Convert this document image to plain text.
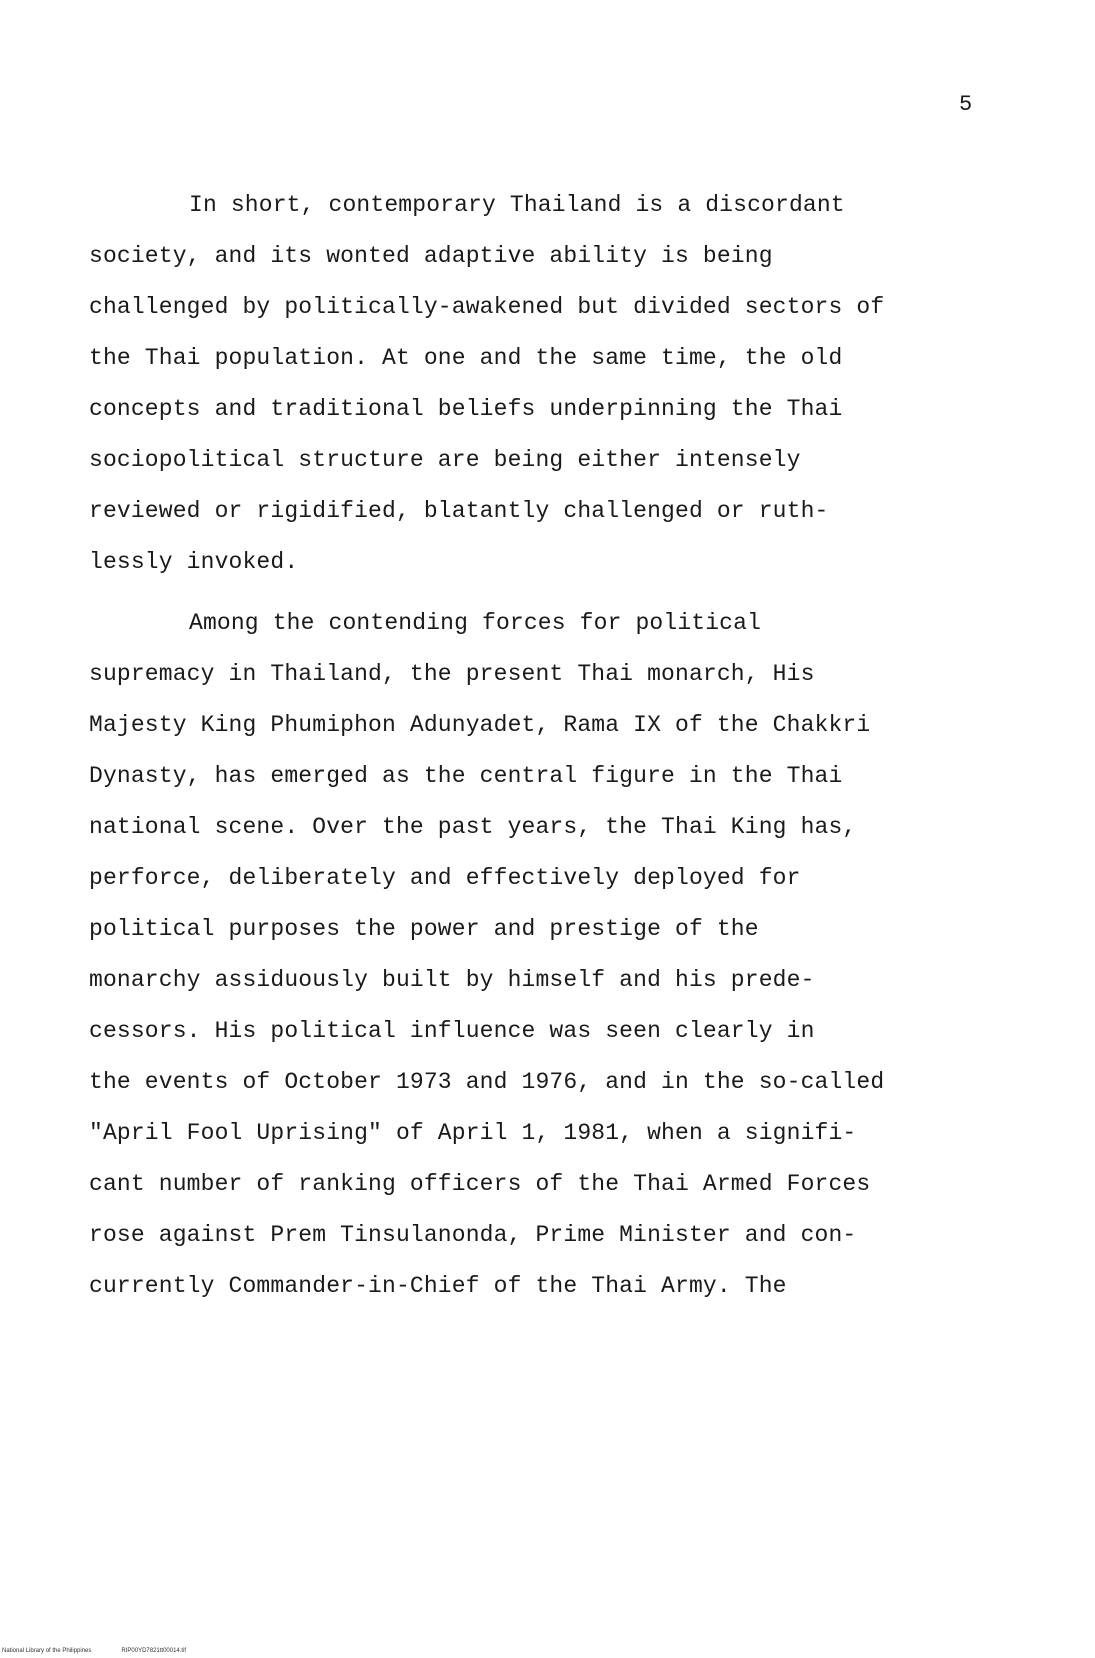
5
In short, contemporary Thailand is a discordant
society, and its wonted adaptive ability is being
challenged by politically-awakened but divided sectors of
the Thai population. At one and the same time, the old
concepts and traditional beliefs underpinning the Thai
sociopolitical structure are being either intensely
reviewed or rigidified, blatantly challenged or ruth-
lessly invoked.
Among the contending forces for political
supremacy in Thailand, the present Thai monarch, His
Majesty King Phumiphon Adunyadet, Rama IX of the Chakkri
Dynasty, has emerged as the central figure in the Thai
national scene. Over the past years, the Thai King has,
perforce, deliberately and effectively deployed for
political purposes the power and prestige of the
monarchy assiduously built by himself and his prede-
cessors. His political influence was seen clearly in
the events of October 1973 and 1976, and in the so-called
"April Fool Uprising" of April 1, 1981, when a signifi-
cant number of ranking officers of the Thai Armed Forces
rose against Prem Tinsulanonda, Prime Minister and con-
currently Commander-in-Chief of the Thai Army. The
National Library of the Philippines	RIP00YD7821tt00014.tif
